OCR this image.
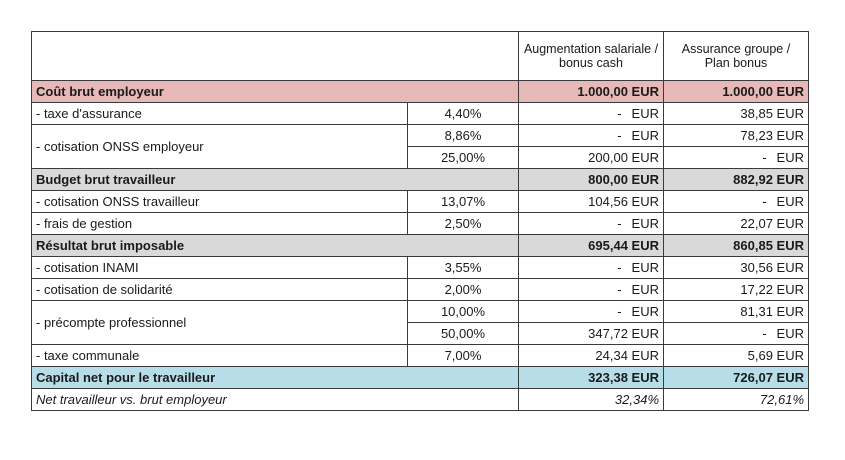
		Augmentation salariale / bonus cash	Assurance groupe / Plan bonus
Coût brut employeur		1.000,00 EUR	1.000,00 EUR
- taxe d'assurance	4,40%	- EUR	38,85 EUR
- cotisation ONSS employeur	8,86%	- EUR	78,23 EUR
	25,00%	200,00 EUR	- EUR
Budget brut travailleur		800,00 EUR	882,92 EUR
- cotisation ONSS travailleur	13,07%	104,56 EUR	- EUR
- frais de gestion	2,50%	- EUR	22,07 EUR
Résultat brut imposable		695,44 EUR	860,85 EUR
- cotisation INAMI	3,55%	- EUR	30,56 EUR
- cotisation de solidarité	2,00%	- EUR	17,22 EUR
- précompte professionnel	10,00%	- EUR	81,31 EUR
	50,00%	347,72 EUR	- EUR
- taxe communale	7,00%	24,34 EUR	5,69 EUR
Capital net pour le travailleur		323,38 EUR	726,07 EUR
Net travailleur vs. brut employeur		32,34%	72,61%
